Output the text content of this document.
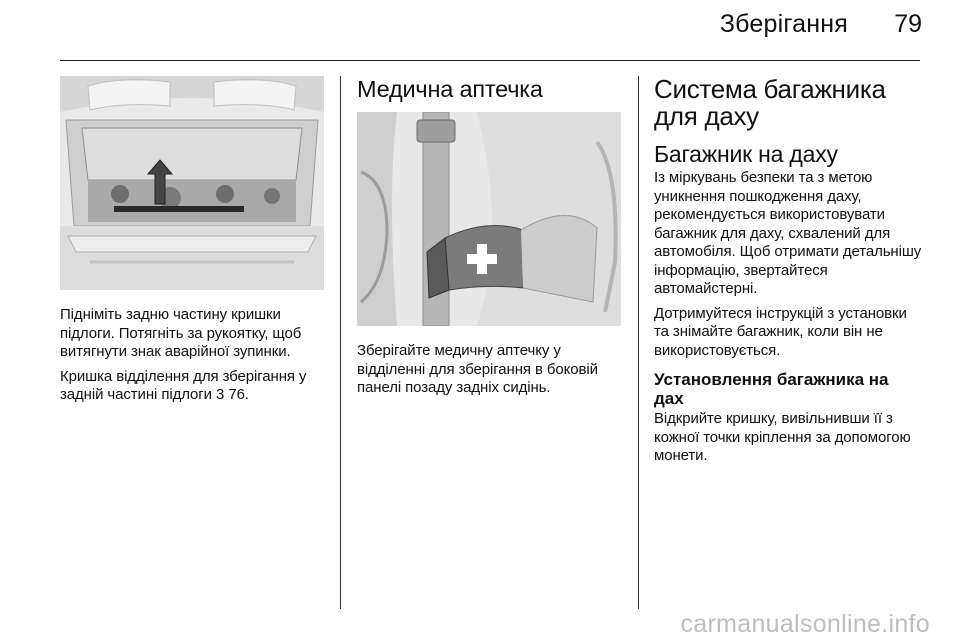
Зберігання	79

Підніміть задню частину кришки підлоги. Потягніть за рукоятку, щоб витягнути знак аварійної зупинки.

Кришка відділення для зберігання у задній частині підлоги 3 76.

Медична аптечка

Зберігайте медичну аптечку у відділенні для зберігання в боковій панелі позаду задніх сидінь.

Система багажника для даху
Багажник на даху

Із міркувань безпеки та з метою уникнення пошкодження даху, рекомендується використовувати багажник для даху, схвалений для автомобіля. Щоб отримати детальнішу інформацію, звертайтеся автомайстерні.

Дотримуйтеся інструкцій з установки та знімайте багажник, коли він не використовується.

Установлення багажника на дах

Відкрийте кришку, вивільнивши її з кожної точки кріплення за допомогою монети.

carmanualsonline.info
